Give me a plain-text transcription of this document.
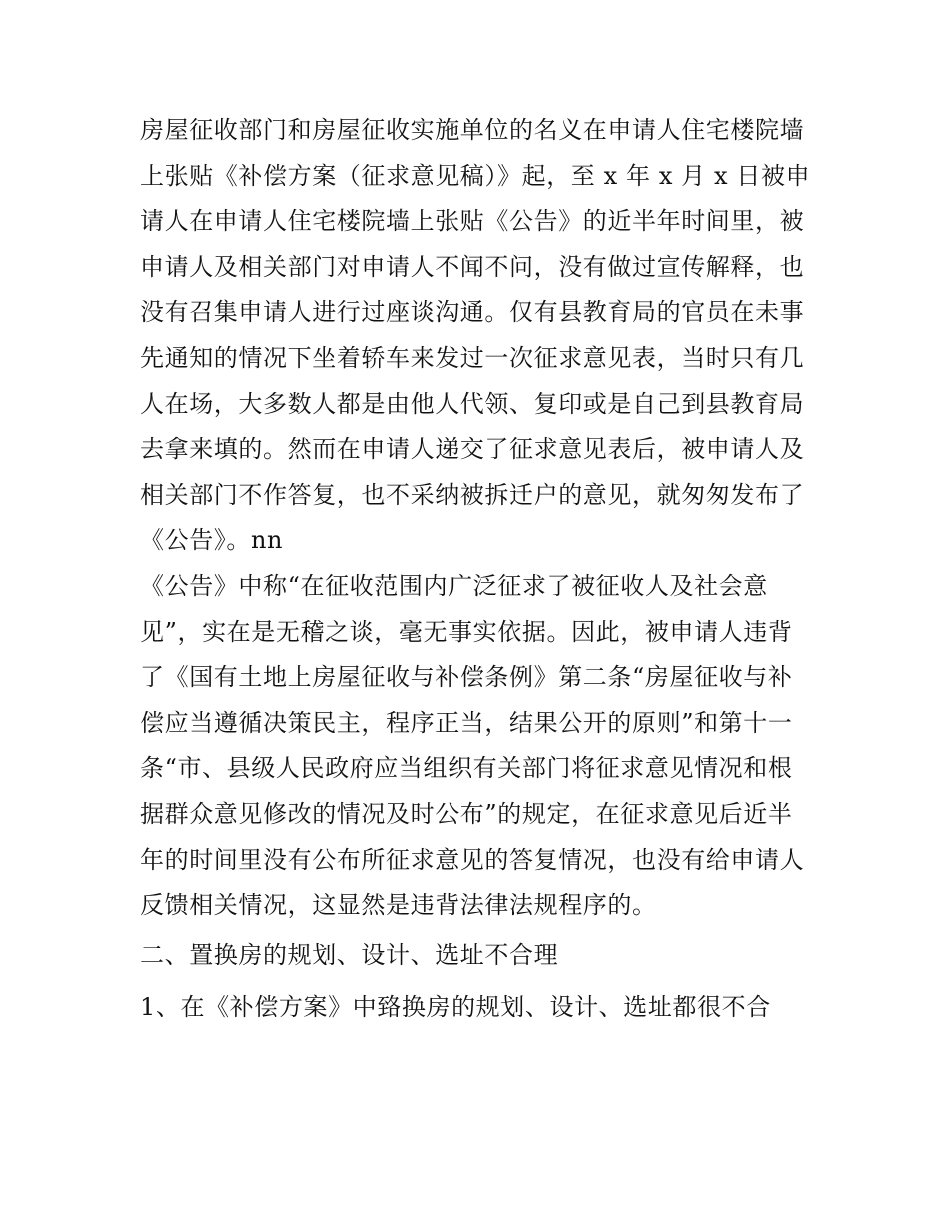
房屋征收部门和房屋征收实施单位的名义在申请人住宅楼院墙
上张贴《补偿方案（征求意见稿）》起，至 x 年 x 月 x 日被申
请人在申请人住宅楼院墙上张贴《公告》的近半年时间里，被
申请人及相关部门对申请人不闻不问，没有做过宣传解释，也
没有召集申请人进行过座谈沟通。仅有县教育局的官员在未事
先通知的情况下坐着轿车来发过一次征求意见表，当时只有几
人在场，大多数人都是由他人代领、复印或是自己到县教育局
去拿来填的。然而在申请人递交了征求意见表后，被申请人及
相关部门不作答复，也不采纳被拆迁户的意见，就匆匆发布了
《公告》。nn
《公告》中称“在征收范围内广泛征求了被征收人及社会意
见”，实在是无稽之谈，毫无事实依据。因此，被申请人违背
了《国有土地上房屋征收与补偿条例》第二条“房屋征收与补
偿应当遵循决策民主，程序正当，结果公开的原则”和第十一
条“市、县级人民政府应当组织有关部门将征求意见情况和根
据群众意见修改的情况及时公布”的规定，在征求意见后近半
年的时间里没有公布所征求意见的答复情况，也没有给申请人
反馈相关情况，这显然是违背法律法规程序的。
二、置换房的规划、设计、选址不合理
1、在《补偿方案》中臵换房的规划、设计、选址都很不合
